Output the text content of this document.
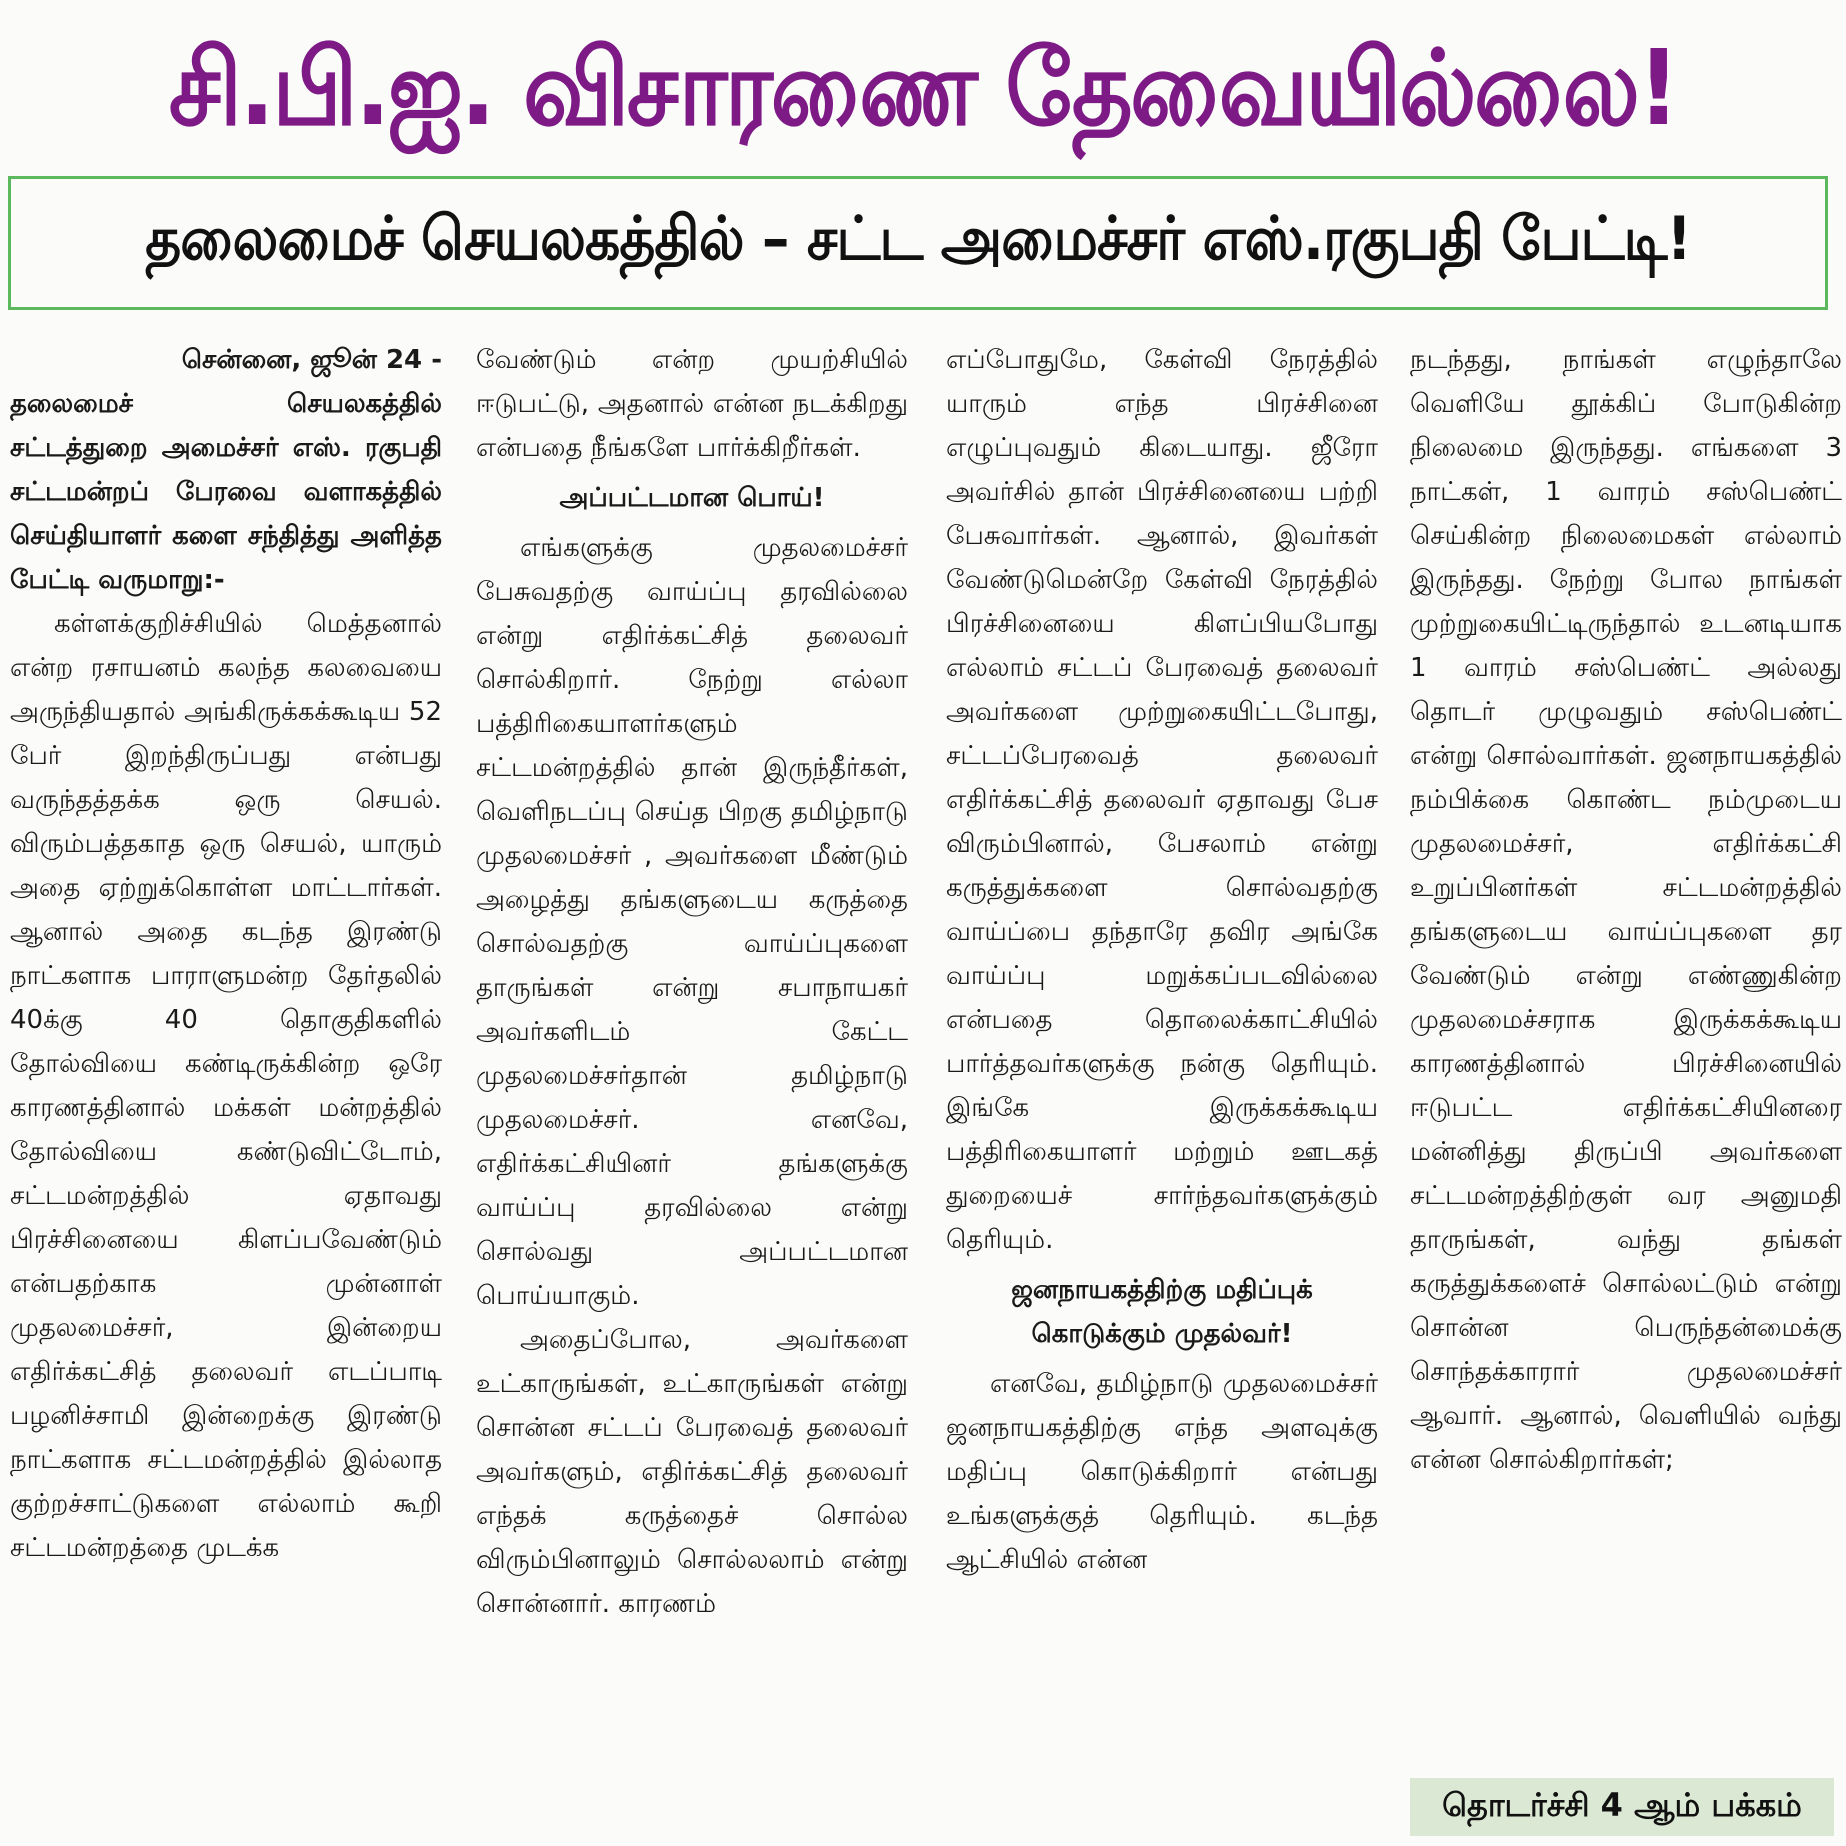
சி.பி.ஐ. விசாரணை தேவையில்லை!
தலைமைச் செயலகத்தில் – சட்ட அமைச்சர் எஸ்.ரகுபதி பேட்டி!
சென்னை, ஜூன் 24 -

தலைமைச் செயலகத்தில் சட்டத்துறை அமைச்சர் எஸ். ரகுபதி சட்டமன்றப் பேரவை வளாகத்தில் செய்தியாளர் களை சந்தித்து அளித்த பேட்டி வருமாறு:-

கள்ளக்குறிச்சியில் மெத்தனால் என்ற ரசாயனம் கலந்த கலவையை அருந்தியதால் அங்கிருக்கக்கூடிய 52 பேர் இறந்திருப்பது என்பது வருந்தத்தக்க ஒரு செயல். விரும்பத்தகாத ஒரு செயல், யாரும் அதை ஏற்றுக்கொள்ள மாட்டார்கள். ஆனால் அதை கடந்த இரண்டு நாட்களாக பாராளுமன்ற தேர்தலில் 40க்கு 40 தொகுதிகளில் தோல்வியை கண்டிருக்கின்ற ஒரே காரணத்தினால் மக்கள் மன்றத்தில் தோல்வியை கண்டுவிட்டோம், சட்டமன்றத்தில் ஏதாவது பிரச்சினையை கிளப்பவேண்டும் என்பதற்காக முன்னாள் முதலமைச்சர், இன்றைய எதிர்க்கட்சித் தலைவர் எடப்பாடி பழனிச்சாமி இன்றைக்கு இரண்டு நாட்களாக சட்டமன்றத்தில் இல்லாத குற்றச்சாட்டுகளை எல்லாம் கூறி சட்டமன்றத்தை முடக்க

வேண்டும் என்ற முயற்சியில் ஈடுபட்டு, அதனால் என்ன நடக்கிறது என்பதை நீங்களே பார்க்கிறீர்கள்.

அப்பட்டமான பொய்!

எங்களுக்கு முதலமைச்சர் பேசுவதற்கு வாய்ப்பு தரவில்லை என்று எதிர்க்கட்சித் தலைவர் சொல்கிறார். நேற்று எல்லா பத்திரிகையாளர்களும் சட்டமன்றத்தில் தான் இருந்தீர்கள், வெளிநடப்பு செய்த பிறகு தமிழ்நாடு முதலமைச்சர் , அவர்களை மீண்டும் அழைத்து தங்களுடைய கருத்தை சொல்வதற்கு வாய்ப்புகளை தாருங்கள் என்று சபாநாயகர் அவர்களிடம் கேட்ட முதலமைச்சர்தான் தமிழ்நாடு முதலமைச்சர். எனவே, எதிர்க்கட்சியினர் தங்களுக்கு வாய்ப்பு தரவில்லை என்று சொல்வது அப்பட்டமான பொய்யாகும்.

அதைப்போல, அவர்களை உட்காருங்கள், உட்காருங்கள் என்று சொன்ன சட்டப் பேரவைத் தலைவர் அவர்களும், எதிர்க்கட்சித் தலைவர் எந்தக் கருத்தைச் சொல்ல விரும்பினாலும் சொல்லலாம் என்று சொன்னார். காரணம்

எப்போதுமே, கேள்வி நேரத்தில் யாரும் எந்த பிரச்சினை எழுப்புவதும் கிடையாது. ஜீரோ அவர்சில் தான் பிரச்சினையை பற்றி பேசுவார்கள். ஆனால், இவர்கள் வேண்டுமென்றே கேள்வி நேரத்தில் பிரச்சினையை கிளப்பியபோது எல்லாம் சட்டப் பேரவைத் தலைவர் அவர்களை முற்றுகையிட்டபோது, சட்டப்பேரவைத் தலைவர் எதிர்க்கட்சித் தலைவர் ஏதாவது பேச விரும்பினால், பேசலாம் என்று கருத்துக்களை சொல்வதற்கு வாய்ப்பை தந்தாரே தவிர அங்கே வாய்ப்பு மறுக்கப்படவில்லை என்பதை தொலைக்காட்சியில் பார்த்தவர்களுக்கு நன்கு தெரியும். இங்கே இருக்கக்கூடிய பத்திரிகையாளர் மற்றும் ஊடகத் துறையைச் சார்ந்தவர்களுக்கும் தெரியும்.

ஜனநாயகத்திற்கு மதிப்புக் கொடுக்கும் முதல்வர்!

எனவே, தமிழ்நாடு முதலமைச்சர் ஜனநாயகத்திற்கு எந்த அளவுக்கு மதிப்பு கொடுக்கிறார் என்பது உங்களுக்குத் தெரியும். கடந்த ஆட்சியில் என்ன

நடந்தது, நாங்கள் எழுந்தாலே வெளியே தூக்கிப் போடுகின்ற நிலைமை இருந்தது. எங்களை 3 நாட்கள், 1 வாரம் சஸ்பெண்ட் செய்கின்ற நிலைமைகள் எல்லாம் இருந்தது. நேற்று போல நாங்கள் முற்றுகையிட்டிருந்தால் உடனடியாக 1 வாரம் சஸ்பெண்ட் அல்லது தொடர் முழுவதும் சஸ்பெண்ட் என்று சொல்வார்கள். ஜனநாயகத்தில் நம்பிக்கை கொண்ட நம்முடைய முதலமைச்சர், எதிர்க்கட்சி உறுப்பினர்கள் சட்டமன்றத்தில் தங்களுடைய வாய்ப்புகளை தர வேண்டும் என்று எண்ணுகின்ற முதலமைச்சராக இருக்கக்கூடிய காரணத்தினால் பிரச்சினையில் ஈடுபட்ட எதிர்க்கட்சியினரை மன்னித்து திருப்பி அவர்களை சட்டமன்றத்திற்குள் வர அனுமதி தாருங்கள், வந்து தங்கள் கருத்துக்களைச் சொல்லட்டும் என்று சொன்ன பெருந்தன்மைக்கு சொந்தக்காரார் முதலமைச்சர் ஆவார். ஆனால், வெளியில் வந்து என்ன சொல்கிறார்கள்;

தொடர்ச்சி 4 ஆம் பக்கம்
